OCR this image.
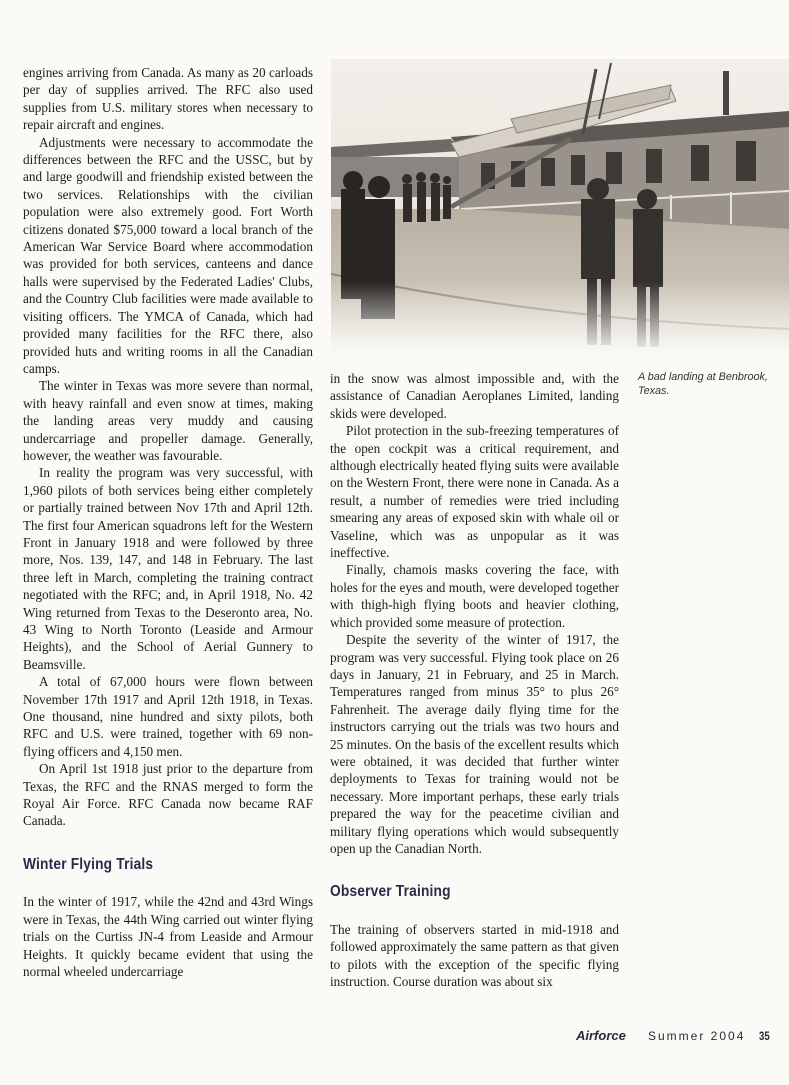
engines arriving from Canada. As many as 20 carloads per day of supplies arrived. The RFC also used supplies from U.S. military stores when necessary to repair aircraft and engines.

Adjustments were necessary to accommodate the differences between the RFC and the USSC, but by and large goodwill and friendship existed between the two services. Relationships with the civilian population were also extremely good. Fort Worth citizens donated $75,000 toward a local branch of the American War Service Board where accommodation was provided for both services, canteens and dance halls were supervised by the Federated Ladies' Clubs, and the Country Club facilities were made available to visiting officers. The YMCA of Canada, which had provided many facilities for the RFC there, also provided huts and writing rooms in all the Canadian camps.

The winter in Texas was more severe than normal, with heavy rainfall and even snow at times, making the landing areas very muddy and causing undercarriage and propeller damage. Generally, however, the weather was favourable.

In reality the program was very successful, with 1,960 pilots of both services being either completely or partially trained between Nov 17th and April 12th. The first four American squadrons left for the Western Front in January 1918 and were followed by three more, Nos. 139, 147, and 148 in February. The last three left in March, completing the training contract negotiated with the RFC; and, in April 1918, No. 42 Wing returned from Texas to the Deseronto area, No. 43 Wing to North Toronto (Leaside and Armour Heights), and the School of Aerial Gunnery to Beamsville.

A total of 67,000 hours were flown between November 17th 1917 and April 12th 1918, in Texas. One thousand, nine hundred and sixty pilots, both RFC and U.S. were trained, together with 69 non-flying officers and 4,150 men.

On April 1st 1918 just prior to the departure from Texas, the RFC and the RNAS merged to form the Royal Air Force. RFC Canada now became RAF Canada.

Winter Flying Trials

In the winter of 1917, while the 42nd and 43rd Wings were in Texas, the 44th Wing carried out winter flying trials on the Curtiss JN-4 from Leaside and Armour Heights. It quickly became evident that using the normal wheeled undercarriage

in the snow was almost impossible and, with the assistance of Canadian Aeroplanes Limited, landing skids were developed.

Pilot protection in the sub-freezing temperatures of the open cockpit was a critical requirement, and although electrically heated flying suits were available on the Western Front, there were none in Canada. As a result, a number of remedies were tried including smearing any areas of exposed skin with whale oil or Vaseline, which was as unpopular as it was ineffective.

Finally, chamois masks covering the face, with holes for the eyes and mouth, were developed together with thigh-high flying boots and heavier clothing, which provided some measure of protection.

Despite the severity of the winter of 1917, the program was very successful. Flying took place on 26 days in January, 21 in February, and 25 in March. Temperatures ranged from minus 35° to plus 26° Fahrenheit. The average daily flying time for the instructors carrying out the trials was two hours and 25 minutes. On the basis of the excellent results which were obtained, it was decided that further winter deployments to Texas for training would not be necessary. More important perhaps, these early trials prepared the way for the peacetime civilian and military flying operations which would subsequently open up the Canadian North.

Observer Training

The training of observers started in mid-1918 and followed approximately the same pattern as that given to pilots with the exception of the specific flying instruction. Course duration was about six

A bad landing at Benbrook, Texas.
Airforce Summer 2004 35
